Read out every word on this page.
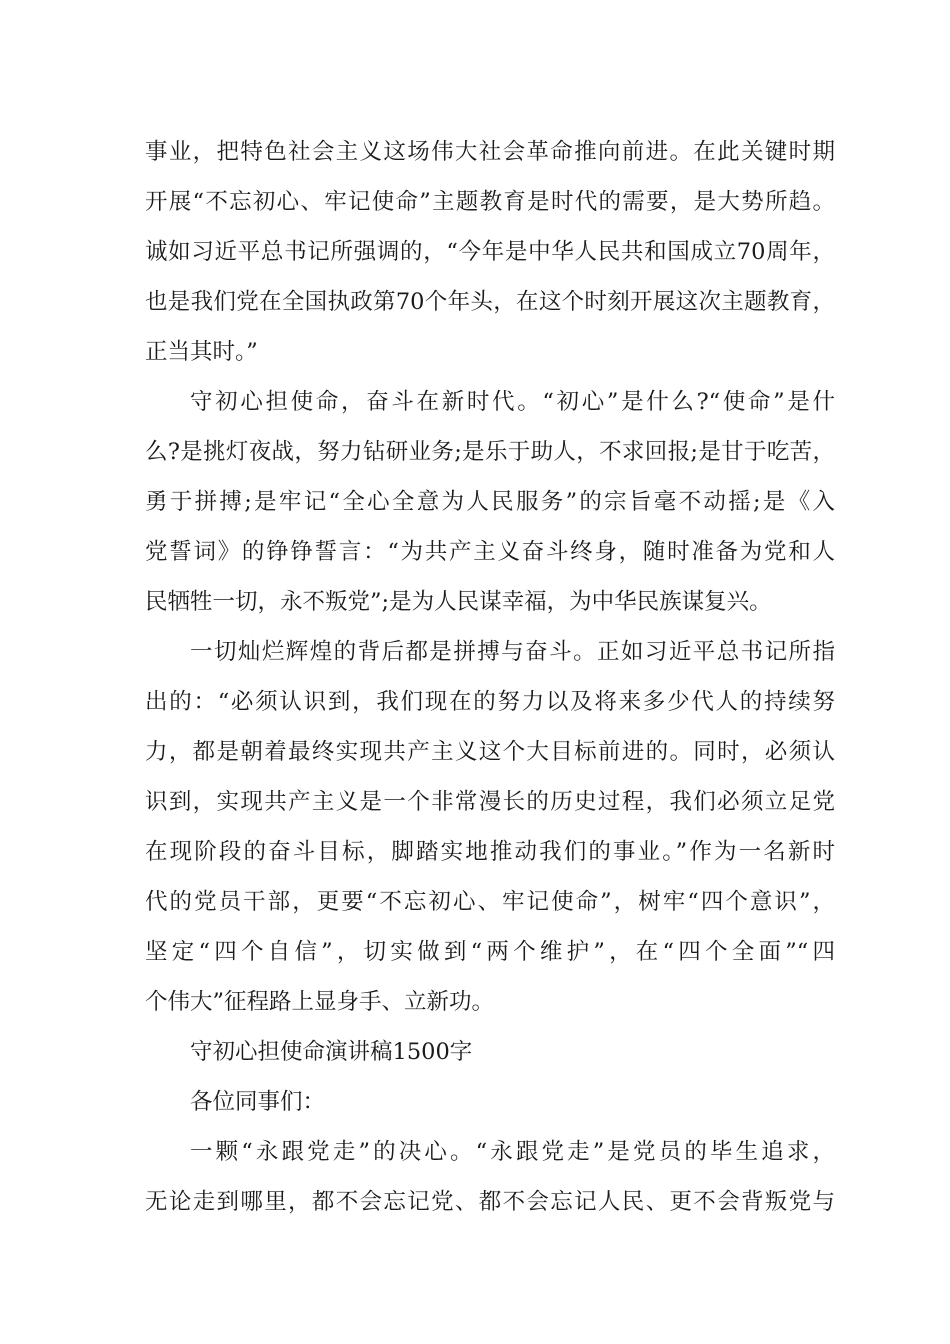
事业，把特色社会主义这场伟大社会革命推向前进。在此关键时期

开展“不忘初心、牢记使命”主题教育是时代的需要，是大势所趋。

诚如习近平总书记所强调的，“今年是中华人民共和国成立70周年，

也是我们党在全国执政第70个年头，在这个时刻开展这次主题教育，

正当其时。”

守初心担使命，奋斗在新时代。“初心”是什么?“使命”是什

么?是挑灯夜战，努力钻研业务;是乐于助人，不求回报;是甘于吃苦，

勇于拼搏;是牢记“全心全意为人民服务”的宗旨毫不动摇;是《入

党誓词》的铮铮誓言：“为共产主义奋斗终身，随时准备为党和人

民牺牲一切，永不叛党”;是为人民谋幸福，为中华民族谋复兴。

一切灿烂辉煌的背后都是拼搏与奋斗。正如习近平总书记所指

出的：“必须认识到，我们现在的努力以及将来多少代人的持续努

力，都是朝着最终实现共产主义这个大目标前进的。同时，必须认

识到，实现共产主义是一个非常漫长的历史过程，我们必须立足党

在现阶段的奋斗目标，脚踏实地推动我们的事业。”作为一名新时

代的党员干部，更要“不忘初心、牢记使命”，树牢“四个意识”，

坚定“四个自信”，切实做到“两个维护”，在“四个全面”“四

个伟大”征程路上显身手、立新功。

守初心担使命演讲稿1500字

各位同事们：

一颗“永跟党走”的决心。“永跟党走”是党员的毕生追求，

无论走到哪里，都不会忘记党、都不会忘记人民、更不会背叛党与
